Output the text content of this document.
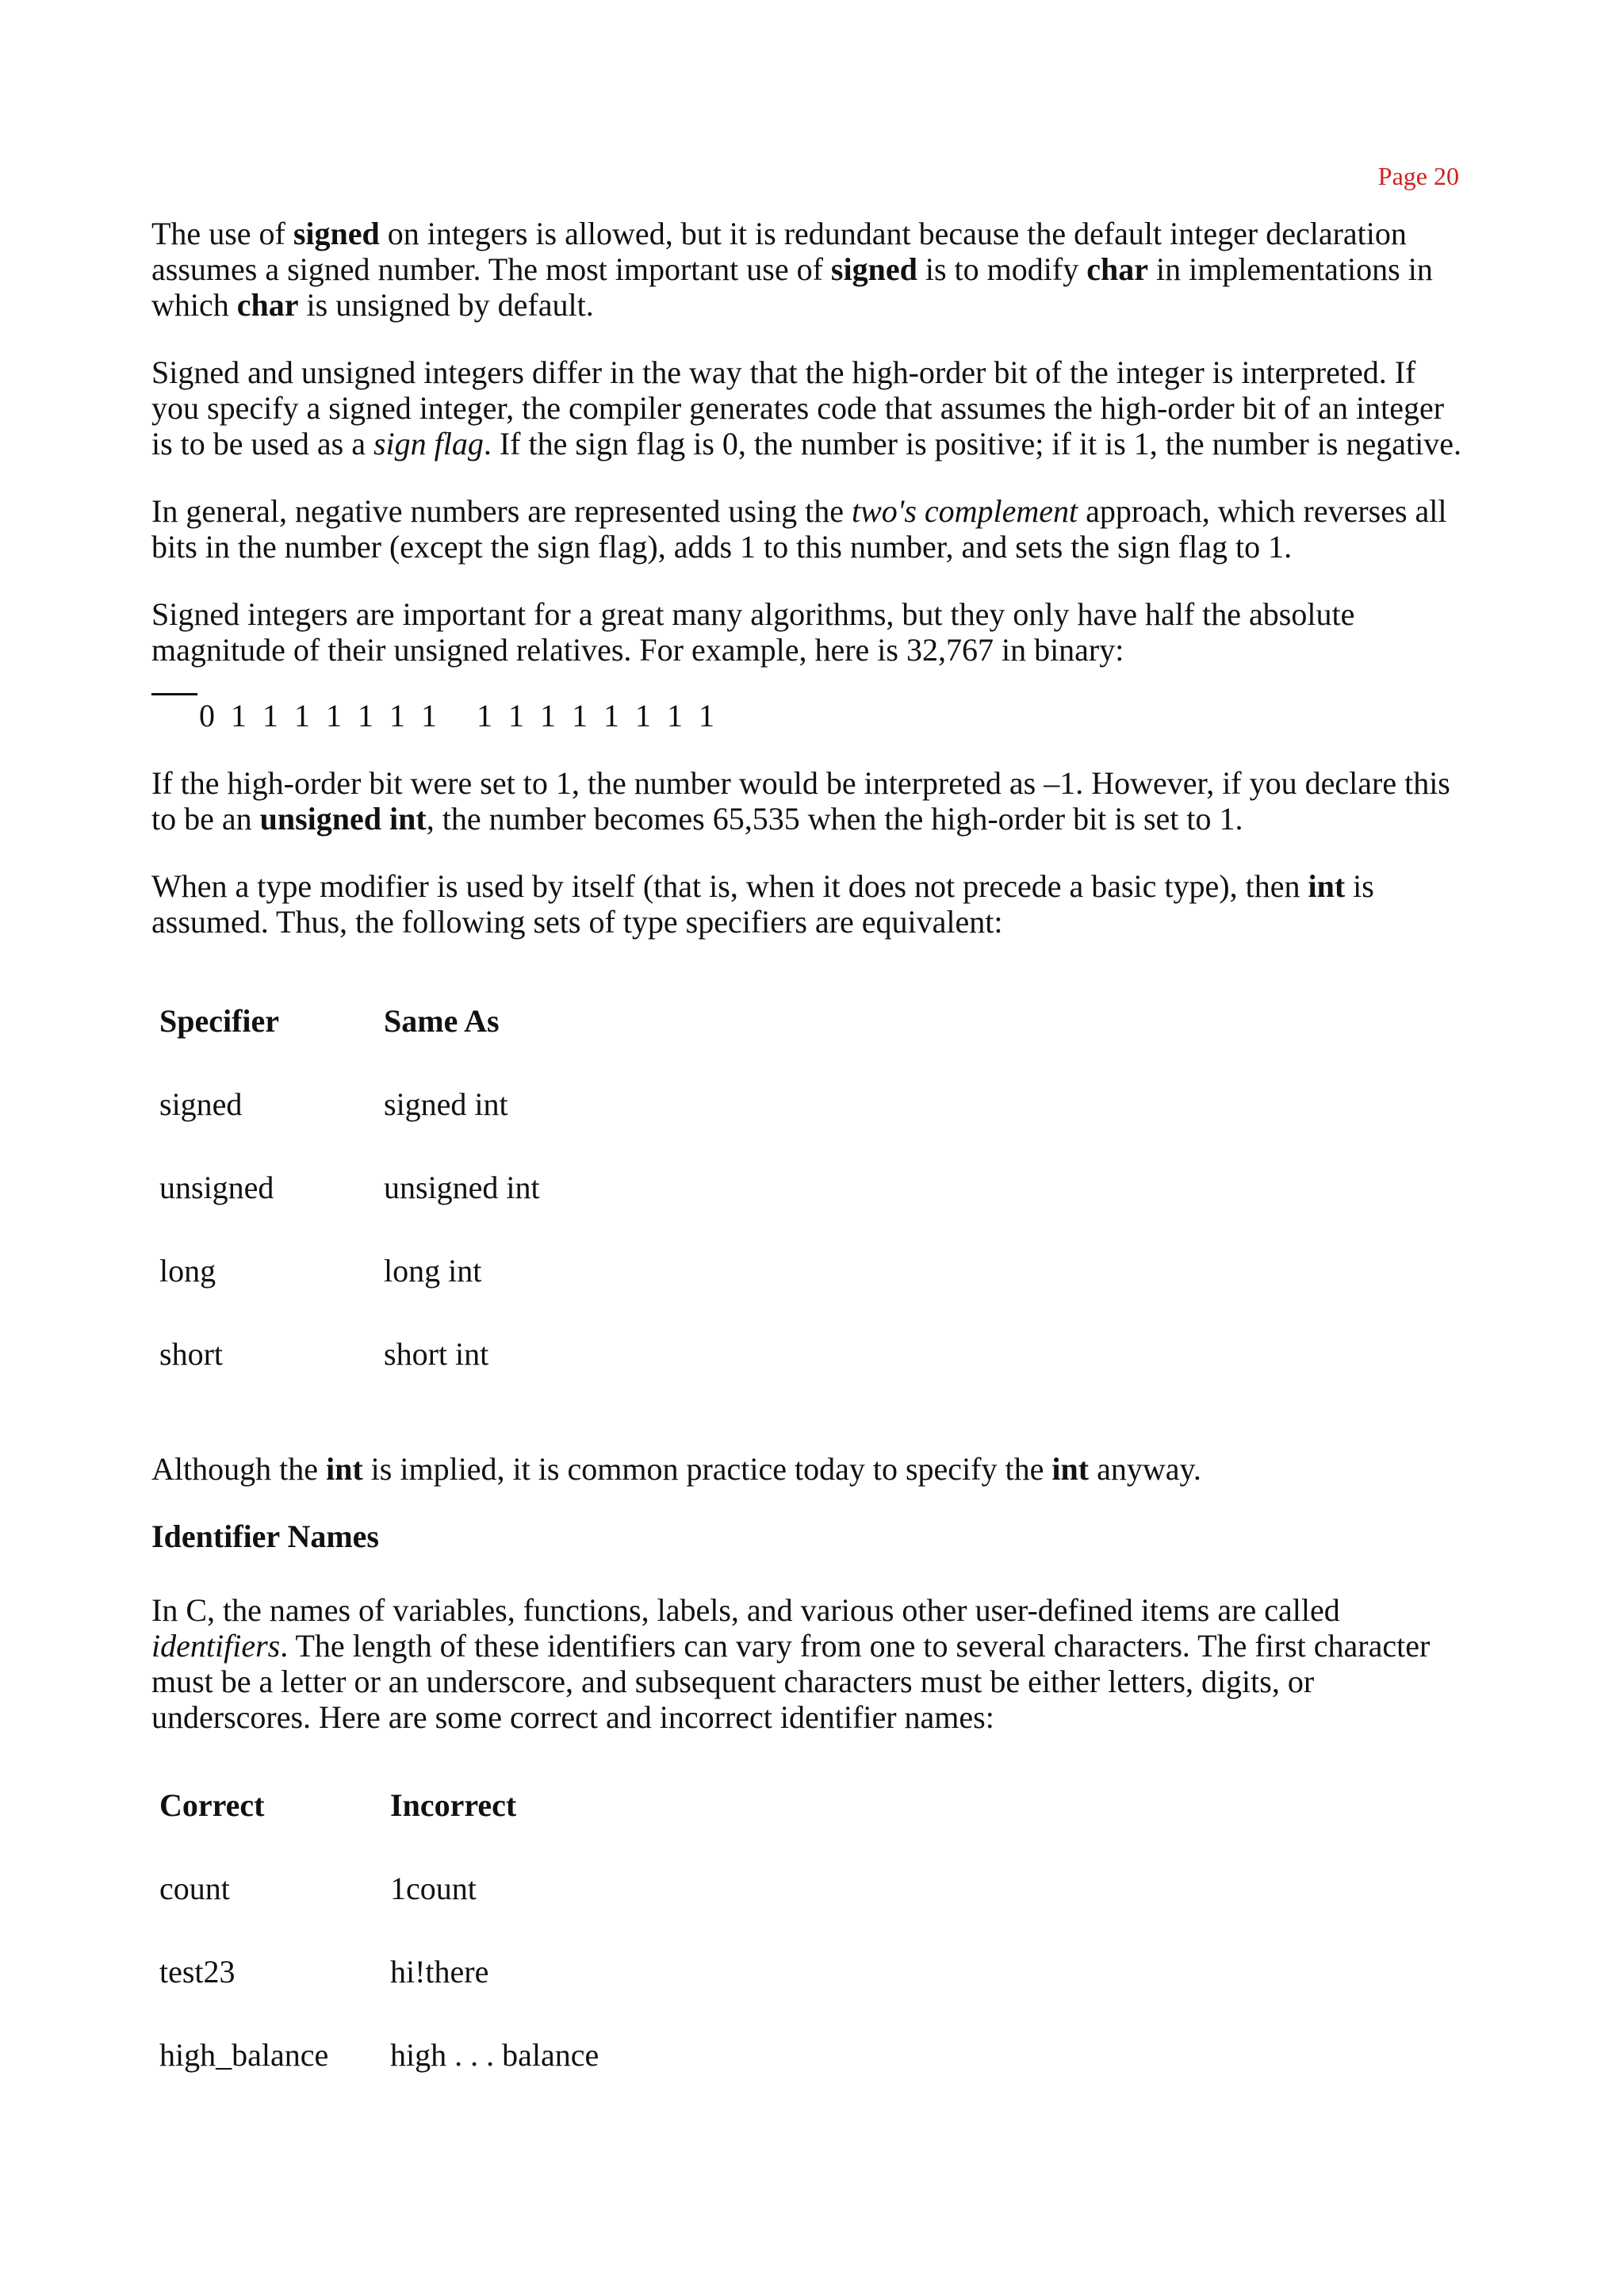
Page 20

The use of signed on integers is allowed, but it is redundant because the default integer declaration assumes a signed number. The most important use of signed is to modify char in implementations in which char is unsigned by default.

Signed and unsigned integers differ in the way that the high-order bit of the integer is interpreted. If you specify a signed integer, the compiler generates code that assumes the high-order bit of an integer is to be used as a sign flag. If the sign flag is 0, the number is positive; if it is 1, the number is negative.

In general, negative numbers are represented using the two's complement approach, which reverses all bits in the number (except the sign flag), adds 1 to this number, and sets the sign flag to 1.

Signed integers are important for a great many algorithms, but they only have half the absolute magnitude of their unsigned relatives. For example, here is 32,767 in binary:

0 1 1 1 1 1 1 1   1 1 1 1 1 1 1 1

If the high-order bit were set to 1, the number would be interpreted as –1. However, if you declare this to be an unsigned int, the number becomes 65,535 when the high-order bit is set to 1.

When a type modifier is used by itself (that is, when it does not precede a basic type), then int is assumed. Thus, the following sets of type specifiers are equivalent:

Specifier	Same As
signed	signed int
unsigned	unsigned int
long	long int
short	short int

Although the int is implied, it is common practice today to specify the int anyway.

Identifier Names

In C, the names of variables, functions, labels, and various other user-defined items are called identifiers. The length of these identifiers can vary from one to several characters. The first character must be a letter or an underscore, and subsequent characters must be either letters, digits, or underscores. Here are some correct and incorrect identifier names:

Correct	Incorrect
count	1count
test23	hi!there
high_balance	high . . . balance
